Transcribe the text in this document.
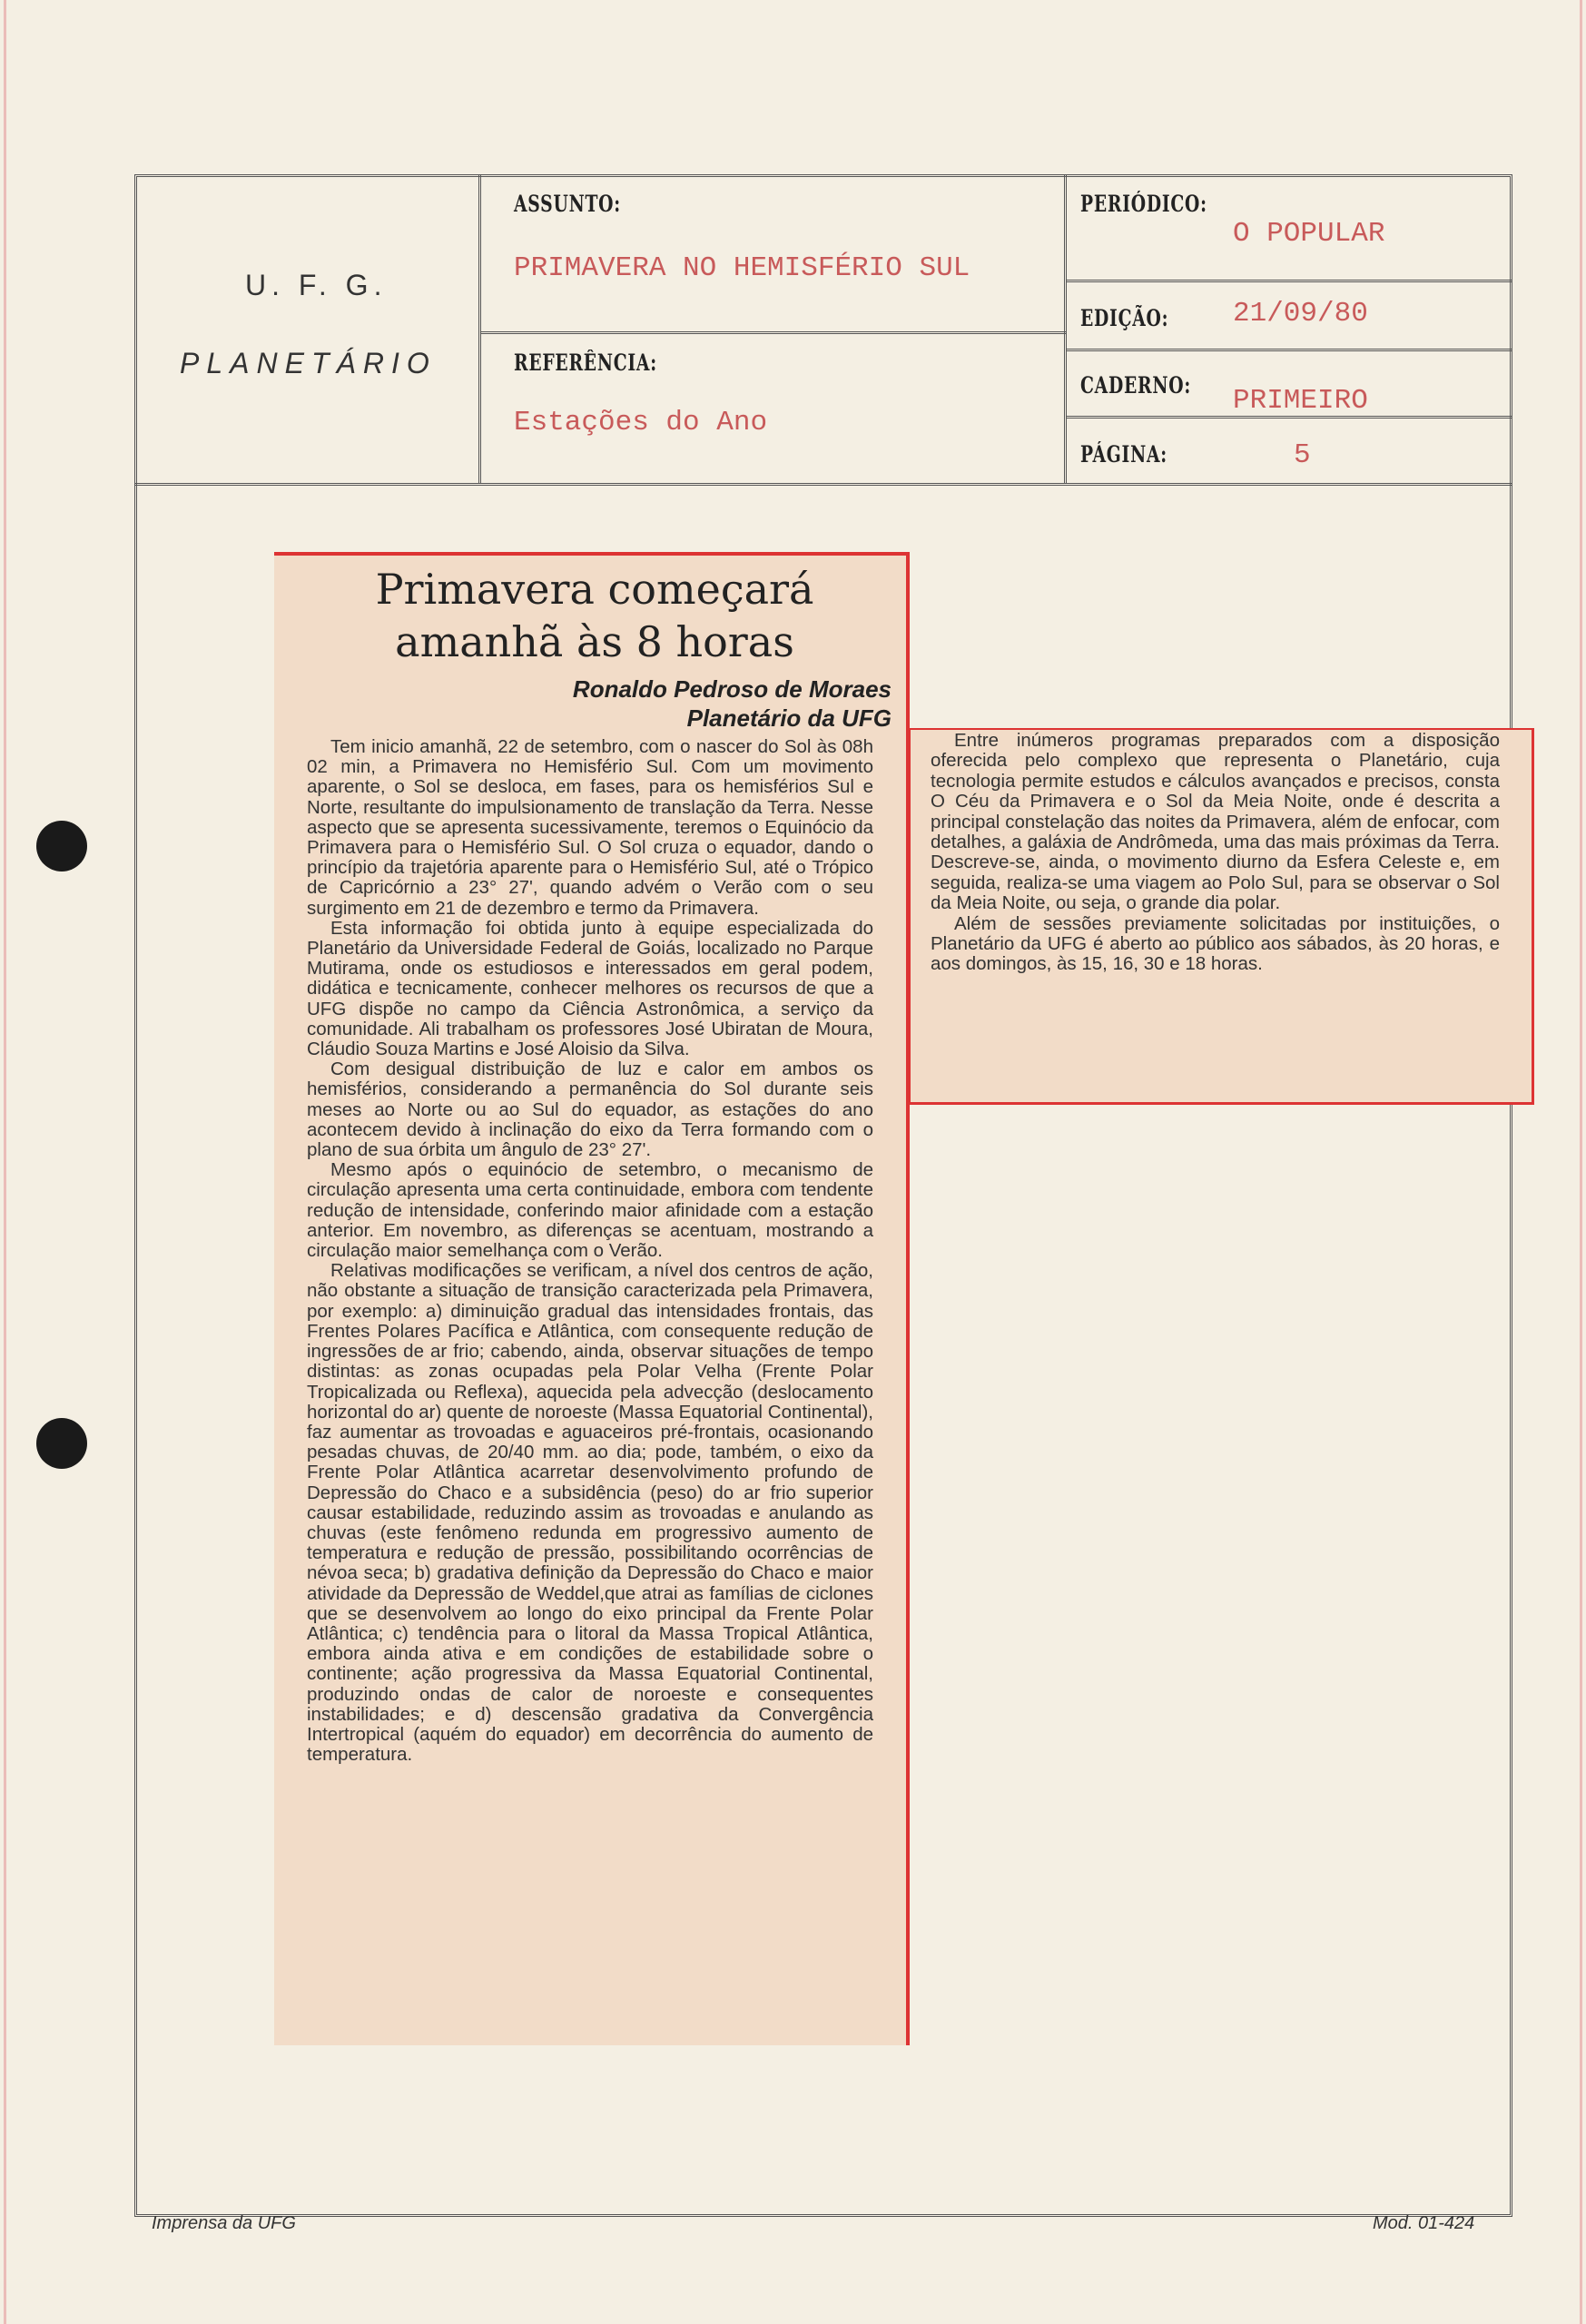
U. F. G.
PLANETÁRIO
ASSUNTO:
PRIMAVERA NO HEMISFÉRIO SUL
REFERÊNCIA:
Estações do Ano
PERIÓDICO:
O POPULAR
EDIÇÃO: 21/09/80
CADERNO: PRIMEIRO
PÁGINA:	5
Primavera começará
amanhã às 8 horas
Ronaldo Pedroso de Moraes
Planetário da UFG

Tem inicio amanhã, 22 de setembro, com o nascer do Sol às 08h 02 min, a Primavera no Hemisfério Sul. Com um movimento aparente, o Sol se desloca, em fases, para os hemisférios Sul e Norte, resultante do impulsionamento de translação da Terra. Nesse aspecto que se apresenta sucessivamente, teremos o Equinócio da Primavera para o Hemisfério Sul. O Sol cruza o equador, dando o princípio da trajetória aparente para o Hemisfério Sul, até o Trópico de Capricórnio a 23° 27', quando advém o Verão com o seu surgimento em 21 de dezembro e termo da Primavera.

Esta informação foi obtida junto à equipe especializada do Planetário da Universidade Federal de Goiás, localizado no Parque Mutirama, onde os estudiosos e interessados em geral podem, didática e tecnicamente, conhecer melhores os recursos de que a UFG dispõe no campo da Ciência Astronômica, a serviço da comunidade. Ali trabalham os professores José Ubiratan de Moura, Cláudio Souza Martins e José Aloisio da Silva.

Com desigual distribuição de luz e calor em ambos os hemisférios, considerando a permanência do Sol durante seis meses ao Norte ou ao Sul do equador, as estações do ano acontecem devido à inclinação do eixo da Terra formando com o plano de sua órbita um ângulo de 23° 27'.

Mesmo após o equinócio de setembro, o mecanismo de circulação apresenta uma certa continuidade, embora com tendente redução de intensidade, conferindo maior afinidade com a estação anterior. Em novembro, as diferenças se acentuam, mostrando a circulação maior semelhança com o Verão.

Relativas modificações se verificam, a nível dos centros de ação, não obstante a situação de transição caracterizada pela Primavera, por exemplo: a) diminuição gradual das intensidades frontais, das Frentes Polares Pacífica e Atlântica, com consequente redução de ingressões de ar frio; cabendo, ainda, observar situações de tempo distintas: as zonas ocupadas pela Polar Velha (Frente Polar Tropicalizada ou Reflexa), aquecida pela advecção (deslocamento horizontal do ar) quente de noroeste (Massa Equatorial Continental), faz aumentar as trovoadas e aguaceiros pré-frontais, ocasionando pesadas chuvas, de 20/40 mm. ao dia; pode, também, o eixo da Frente Polar Atlântica acarretar desenvolvimento profundo de Depressão do Chaco e a subsidência (peso) do ar frio superior causar estabilidade, reduzindo assim as trovoadas e anulando as chuvas (este fenômeno redunda em progressivo aumento de temperatura e redução de pressão, possibilitando ocorrências de névoa seca; b) gradativa definição da Depressão do Chaco e maior atividade da Depressão de Weddel,que atrai as famílias de ciclones que se desenvolvem ao longo do eixo principal da Frente Polar Atlântica; c) tendência para o litoral da Massa Tropical Atlântica, embora ainda ativa e em condições de estabilidade sobre o continente; ação progressiva da Massa Equatorial Continental, produzindo ondas de calor de noroeste e consequentes instabilidades; e d) descensão gradativa da Convergência Intertropical (aquém do equador) em decorrência do aumento de temperatura.

Entre inúmeros programas preparados com a disposição oferecida pelo complexo que representa o Planetário, cuja tecnologia permite estudos e cálculos avançados e precisos, consta O Céu da Primavera e o Sol da Meia Noite, onde é descrita a principal constelação das noites da Primavera, além de enfocar, com detalhes, a galáxia de Andrômeda, uma das mais próximas da Terra. Descreve-se, ainda, o movimento diurno da Esfera Celeste e, em seguida, realiza-se uma viagem ao Polo Sul, para se observar o Sol da Meia Noite, ou seja, o grande dia polar.

Além de sessões previamente solicitadas por instituições, o Planetário da UFG é aberto ao público aos sábados, às 20 horas, e aos domingos, às 15, 16, 30 e 18 horas.

Imprensa da UFG	Mod. 01-424
